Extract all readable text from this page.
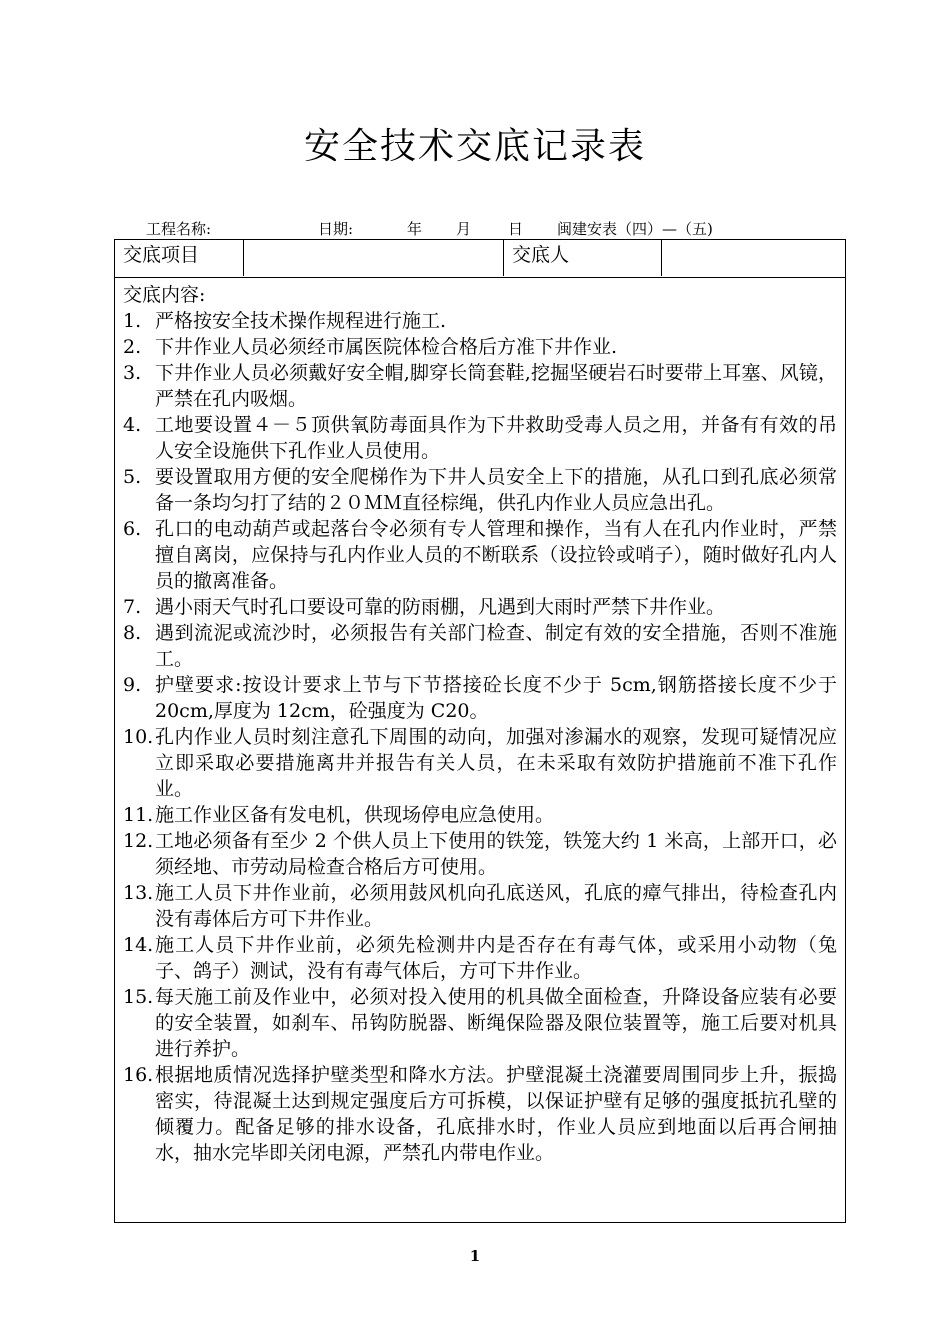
安全技术交底记录表
工程名称:	日期:	年 月 日 闽建安表（四）—（五)
交底项目	交底人
交底内容:
1. 严格按安全技术操作规程进行施工.
2. 下井作业人员必须经市属医院体检合格后方准下井作业.
3. 下井作业人员必须戴好安全帽,脚穿长筒套鞋,挖掘坚硬岩石时要带上耳塞、风镜，严禁在孔内吸烟。
4. 工地要设置４－５顶供氧防毒面具作为下井救助受毒人员之用，并备有有效的吊人安全设施供下孔作业人员使用。
5. 要设置取用方便的安全爬梯作为下井人员安全上下的措施，从孔口到孔底必须常备一条均匀打了结的２０ＭＭ直径棕绳，供孔内作业人员应急出孔。
6. 孔口的电动葫芦或起落台令必须有专人管理和操作，当有人在孔内作业时，严禁擅自离岗，应保持与孔内作业人员的不断联系（设拉铃或哨子），随时做好孔内人员的撤离准备。
7. 遇小雨天气时孔口要设可靠的防雨棚，凡遇到大雨时严禁下井作业。
8. 遇到流泥或流沙时，必须报告有关部门检查、制定有效的安全措施，否则不准施工。
9. 护壁要求:按设计要求上节与下节搭接砼长度不少于 5cm,钢筋搭接长度不少于 20cm,厚度为 12cm，砼强度为 C20。
10. 孔内作业人员时刻注意孔下周围的动向，加强对渗漏水的观察，发现可疑情况应立即采取必要措施离井并报告有关人员，在未采取有效防护措施前不准下孔作业。
11. 施工作业区备有发电机，供现场停电应急使用。
12. 工地必须备有至少 2 个供人员上下使用的铁笼，铁笼大约 1 米高，上部开口，必须经地、市劳动局检查合格后方可使用。
13. 施工人员下井作业前，必须用鼓风机向孔底送风，孔底的瘴气排出，待检查孔内没有毒体后方可下井作业。
14. 施工人员下井作业前，必须先检测井内是否存在有毒气体，或采用小动物（兔子、鸽子）测试，没有有毒气体后，方可下井作业。
15. 每天施工前及作业中，必须对投入使用的机具做全面检查，升降设备应装有必要的安全装置，如刹车、吊钩防脱器、断绳保险器及限位装置等，施工后要对机具进行养护。
16. 根据地质情况选择护壁类型和降水方法。护壁混凝土浇灌要周围同步上升，振捣密实，待混凝土达到规定强度后方可拆模，以保证护壁有足够的强度抵抗孔壁的倾覆力。配备足够的排水设备，孔底排水时，作业人员应到地面以后再合闸抽水，抽水完毕即关闭电源，严禁孔内带电作业。
1
